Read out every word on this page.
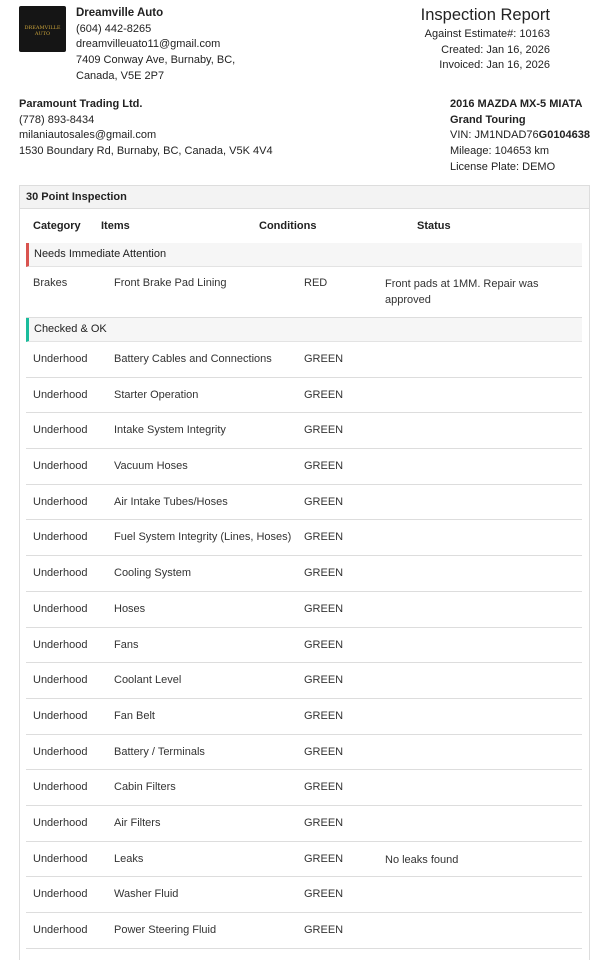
DREAMVILLE AUTO
Dreamville Auto
(604) 442-8265
dreamvilleuato11@gmail.com
7409 Conway Ave, Burnaby, BC,
Canada, V5E 2P7
Inspection Report
Against Estimate#: 10163
Created: Jan 16, 2026
Invoiced: Jan 16, 2026
Paramount Trading Ltd.
(778) 893-8434
milaniautosales@gmail.com
1530 Boundary Rd, Burnaby, BC, Canada, V5K 4V4
2016 MAZDA MX-5 MIATA
Grand Touring
VIN: JM1NDAD76G0104638
Mileage: 104653 km
License Plate: DEMO
30 Point Inspection
Category Items	Conditions	Status
Needs Immediate Attention
Brakes	Front Brake Pad Lining	RED	Front pads at 1MM. Repair was approved
Checked & OK
Underhood Battery Cables and Connections	GREEN
Underhood Starter Operation	GREEN
Underhood Intake System Integrity	GREEN
Underhood Vacuum Hoses	GREEN
Underhood Air Intake Tubes/Hoses	GREEN
Underhood Fuel System Integrity (Lines, Hoses) GREEN
Underhood Cooling System	GREEN
Underhood Hoses	GREEN
Underhood Fans	GREEN
Underhood Coolant Level	GREEN
Underhood Fan Belt	GREEN
Underhood Battery / Terminals	GREEN
Underhood Cabin Filters	GREEN
Underhood Air Filters	GREEN
Underhood Leaks	GREEN	No leaks found
Underhood Washer Fluid	GREEN
Underhood Power Steering Fluid	GREEN
